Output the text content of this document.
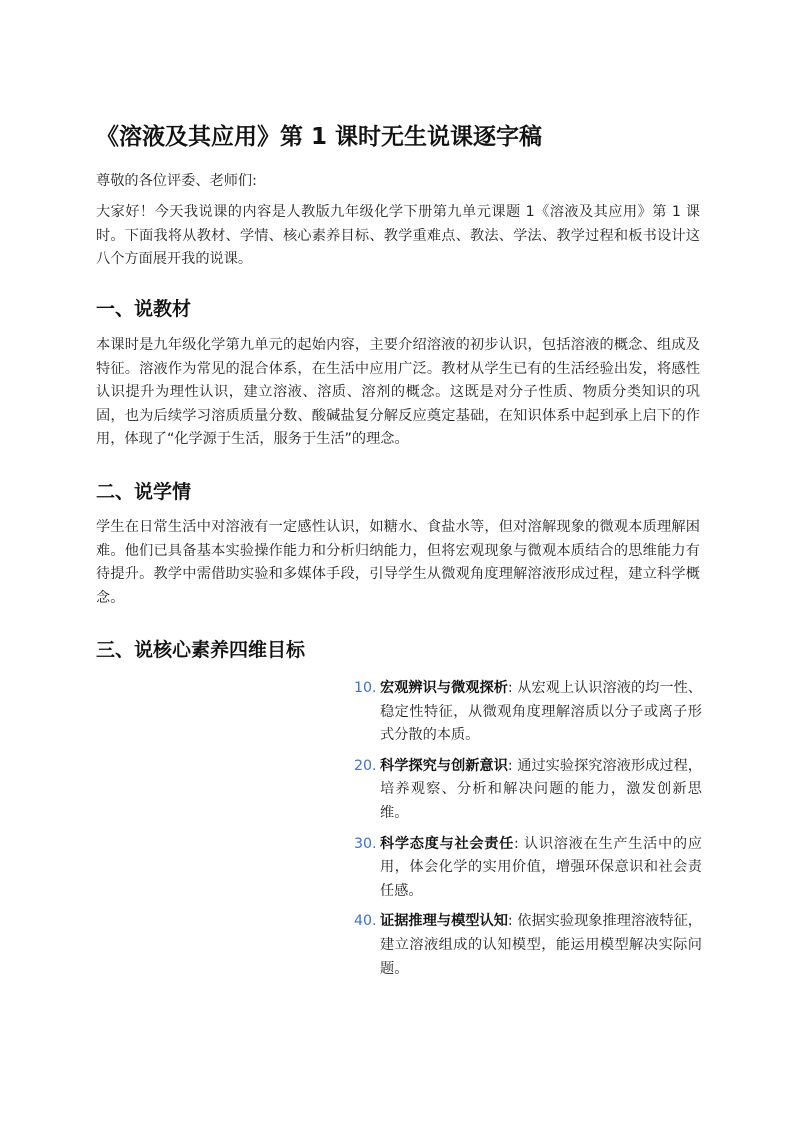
《溶液及其应用》第 1 课时无生说课逐字稿

尊敬的各位评委、老师们:

大家好！今天我说课的内容是人教版九年级化学下册第九单元课题 1《溶液及其应用》第 1 课时。下面我将从教材、学情、核心素养目标、教学重难点、教法、学法、教学过程和板书设计这八个方面展开我的说课。

一、说教材

本课时是九年级化学第九单元的起始内容，主要介绍溶液的初步认识，包括溶液的概念、组成及特征。溶液作为常见的混合体系，在生活中应用广泛。教材从学生已有的生活经验出发，将感性认识提升为理性认识，建立溶液、溶质、溶剂的概念。这既是对分子性质、物质分类知识的巩固，也为后续学习溶质质量分数、酸碱盐复分解反应奠定基础，在知识体系中起到承上启下的作用，体现了“化学源于生活，服务于生活”的理念。

二、说学情

学生在日常生活中对溶液有一定感性认识，如糖水、食盐水等，但对溶解现象的微观本质理解困难。他们已具备基本实验操作能力和分析归纳能力，但将宏观现象与微观本质结合的思维能力有待提升。教学中需借助实验和多媒体手段，引导学生从微观角度理解溶液形成过程，建立科学概念。

三、说核心素养四维目标
10. 宏观辨识与微观探析: 从宏观上认识溶液的均一性、稳定性特征，从微观角度理解溶质以分子或离子形式分散的本质。
20. 科学探究与创新意识: 通过实验探究溶液形成过程，培养观察、分析和解决问题的能力，激发创新思维。
30. 科学态度与社会责任: 认识溶液在生产生活中的应用，体会化学的实用价值，增强环保意识和社会责任感。
40. 证据推理与模型认知: 依据实验现象推理溶液特征，建立溶液组成的认知模型，能运用模型解决实际问题。
